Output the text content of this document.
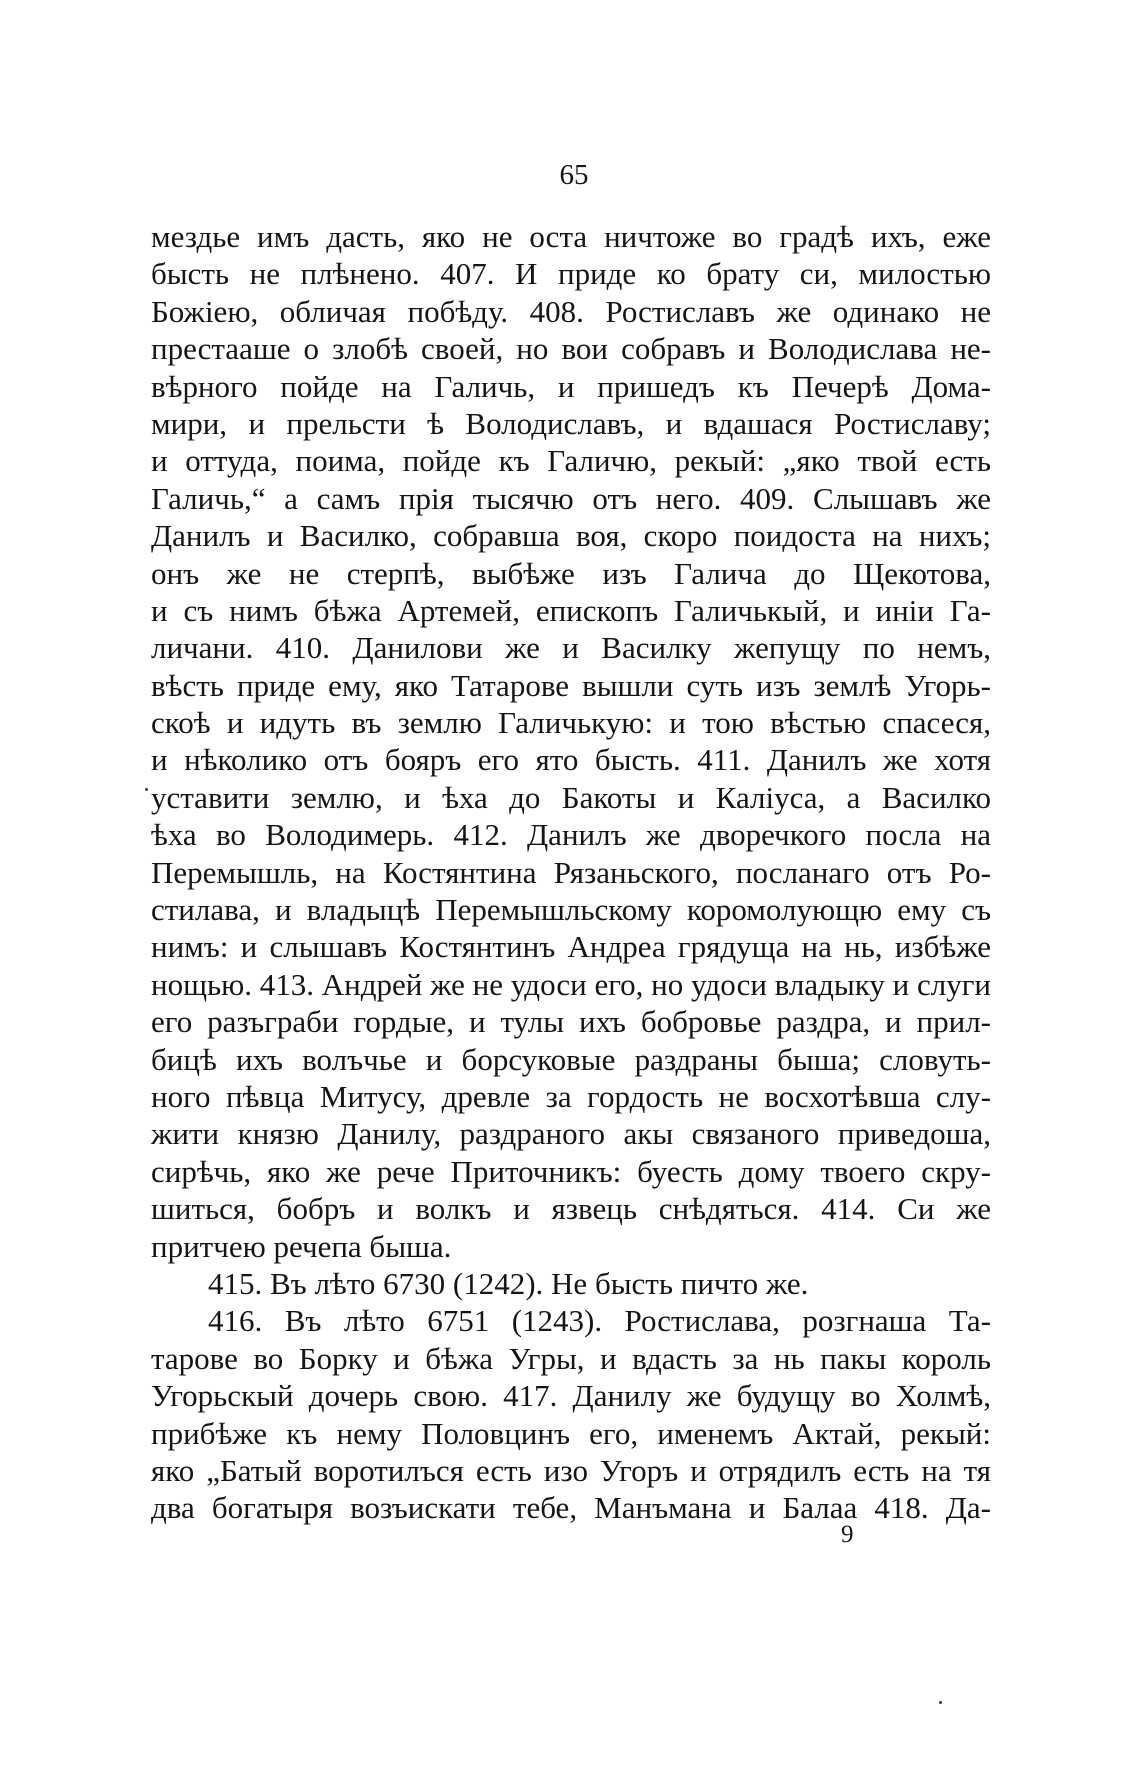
65
мездье имъ дасть, яко не оста ничтоже во градѣ ихъ, еже
бысть не плѣнено. 407. И приде ко брату си, милостью
Божіею, обличая побѣду. 408. Ростиславъ же одинако не
престааше о злобѣ своей, но вои собравъ и Володислава не-
вѣрного пойде на Галичь, и пришедъ къ Печерѣ Дома-
мири, и прельсти ѣ Володиславъ, и вдашася Ростиславу;
и оттуда, поима, пойде къ Галичю, рекый: „яко твой есть
Галичь,“ а самъ прія тысячю отъ него. 409. Слышавъ же
Данилъ и Василко, собравша воя, скоро поидоста на нихъ;
онъ же не стерпѣ, выбѣже изъ Галича до Щекотова,
и съ нимъ бѣжа Артемей, епископъ Галичькый, и иніи Га-
личани. 410. Данилови же и Василку жепущу по немъ,
вѣсть приде ему, яко Татарове вышли суть изъ землѣ Угорь-
скоѣ и идуть въ землю Галичькую: и тою вѣстью спасеся,
и нѣколико отъ бояръ его ято бысть. 411. Данилъ же хотя
уставити землю, и ѣха до Бакоты и Каліуса, а Василко
ѣха во Володимерь. 412. Данилъ же дворечкого посла на
Перемышль, на Костянтина Рязаньского, посланаго отъ Ро-
стилава, и владыцѣ Перемышльскому коромолующю ему съ
нимъ: и слышавъ Костянтинъ Андреа грядуща на нь, избѣже
нощью. 413. Андрей же не удоси его, но удоси владыку и слуги
его разъграби гордые, и тулы ихъ бобровье раздра, и прил-
бицѣ ихъ волъчье и борсуковые раздраны быша; словуть-
ного пѣвца Митусу, древле за гордость не восхотѣвша слу-
жити князю Данилу, раздраного акы связаного приведоша,
сирѣчь, яко же рече Приточникъ: буесть дому твоего скру-
шиться, бобръ и волкъ и язвець снѣдяться. 414. Си же
притчею речепа быша.
415. Въ лѣто 6730 (1242). Не бысть пичто же.
416. Въ лѣто 6751 (1243). Ростислава, розгнаша Та-
тарове во Борку и бѣжа Угры, и вдасть за нь пакы король
Угорьскый дочерь свою. 417. Данилу же будущу во Холмѣ,
прибѣже къ нему Половцинъ его, именемъ Актай, рекый:
яко „Батый воротилъся есть изо Угоръ и отрядилъ есть на тя
два богатыря возъискати тебе, Манъмана и Балаа 418. Да-
9
